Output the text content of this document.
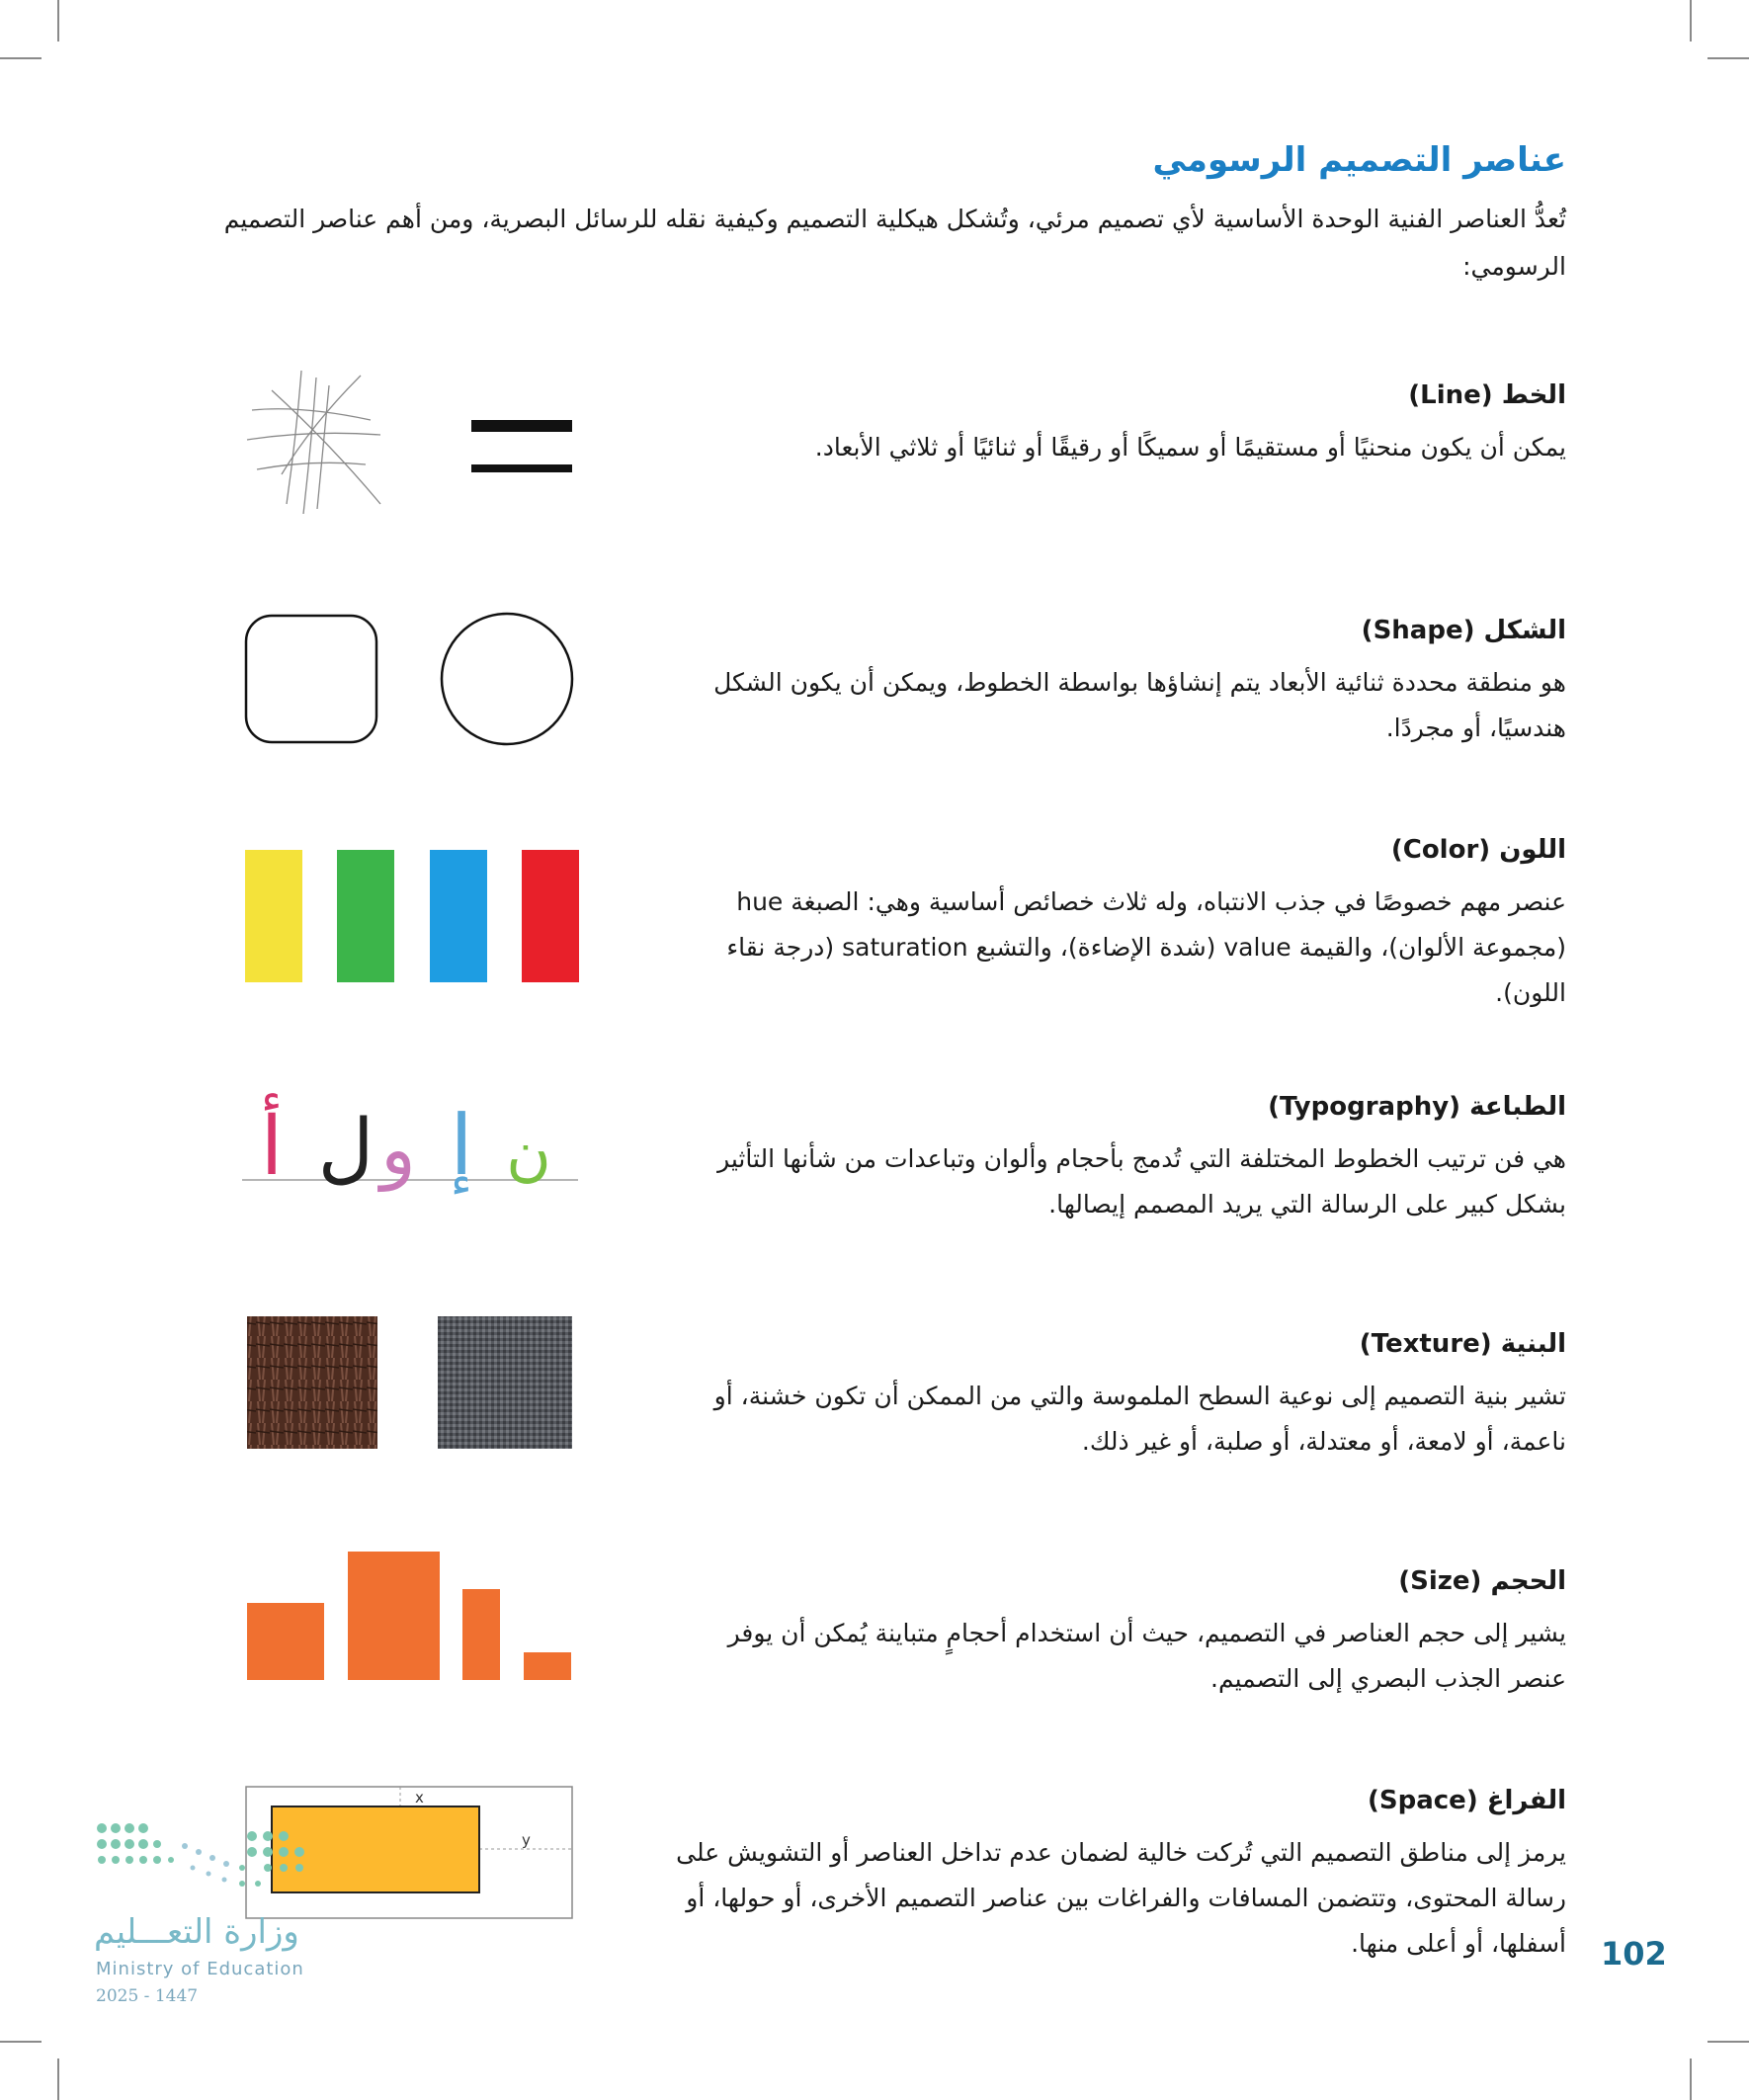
عناصر التصميم الرسومي

تُعدُّ العناصر الفنية الوحدة الأساسية لأي تصميم مرئي، وتُشكل هيكلية التصميم وكيفية نقله للرسائل البصرية، ومن أهم عناصر التصميم الرسومي:

الخط (Line)

يمكن أن يكون منحنيًا أو مستقيمًا أو سميكًا أو رقيقًا أو ثنائيًا أو ثلاثي الأبعاد.

الشكل (Shape)

هو منطقة محددة ثنائية الأبعاد يتم إنشاؤها بواسطة الخطوط، ويمكن أن يكون الشكل هندسيًا، أو مجردًا.

اللون (Color)

عنصر مهم خصوصًا في جذب الانتباه، وله ثلاث خصائص أساسية وهي: الصبغة hue (مجموعة الألوان)، والقيمة value (شدة الإضاءة)، والتشبع saturation (درجة نقاء اللون).

الطباعة (Typography)

هي فن ترتيب الخطوط المختلفة التي تُدمج بأحجام وألوان وتباعدات من شأنها التأثير بشكل كبير على الرسالة التي يريد المصمم إيصالها.

البنية (Texture)

تشير بنية التصميم إلى نوعية السطح الملموسة والتي من الممكن أن تكون خشنة، أو ناعمة، أو لامعة، أو معتدلة، أو صلبة، أو غير ذلك.

الحجم (Size)

يشير إلى حجم العناصر في التصميم، حيث أن استخدام أحجامٍ متباينة يُمكن أن يوفر عنصر الجذب البصري إلى التصميم.

الفراغ (Space)

يرمز إلى مناطق التصميم التي تُركت خالية لضمان عدم تداخل العناصر أو التشويش على رسالة المحتوى، وتتضمن المسافات والفراغات بين عناصر التصميم الأخرى، أو حولها، أو أسفلها، أو أعلى منها.

أ ل و إ ن
x
y
وزارة التعـــليم
Ministry of Education
2025 - 1447
102
